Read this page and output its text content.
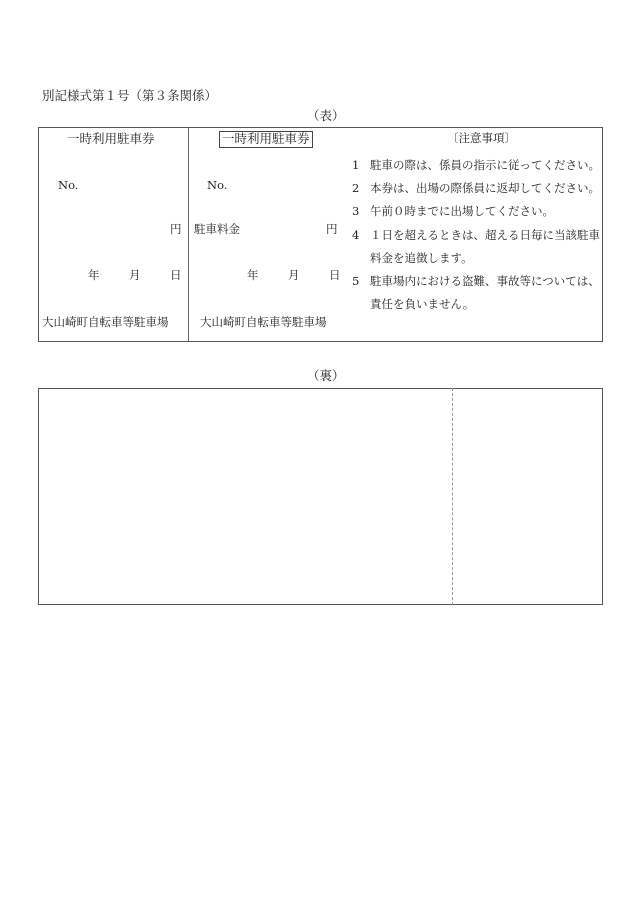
別記様式第１号（第３条関係）
（表）
一時利用駐車券
No.
円
年	月	日
大山崎町自転車等駐車場
一時利用駐車券
No.
駐車料金	円
年	月	日
大山崎町自転車等駐車場
〔注意事項〕
1 駐車の際は、係員の指示に従ってください。
2 本券は、出場の際係員に返却してください。
3 午前０時までに出場してください。
4 １日を超えるときは、超える日毎に当該駐車料金を追徴します。
5 駐車場内における盗難、事故等については、責任を負いません。
（裏）
